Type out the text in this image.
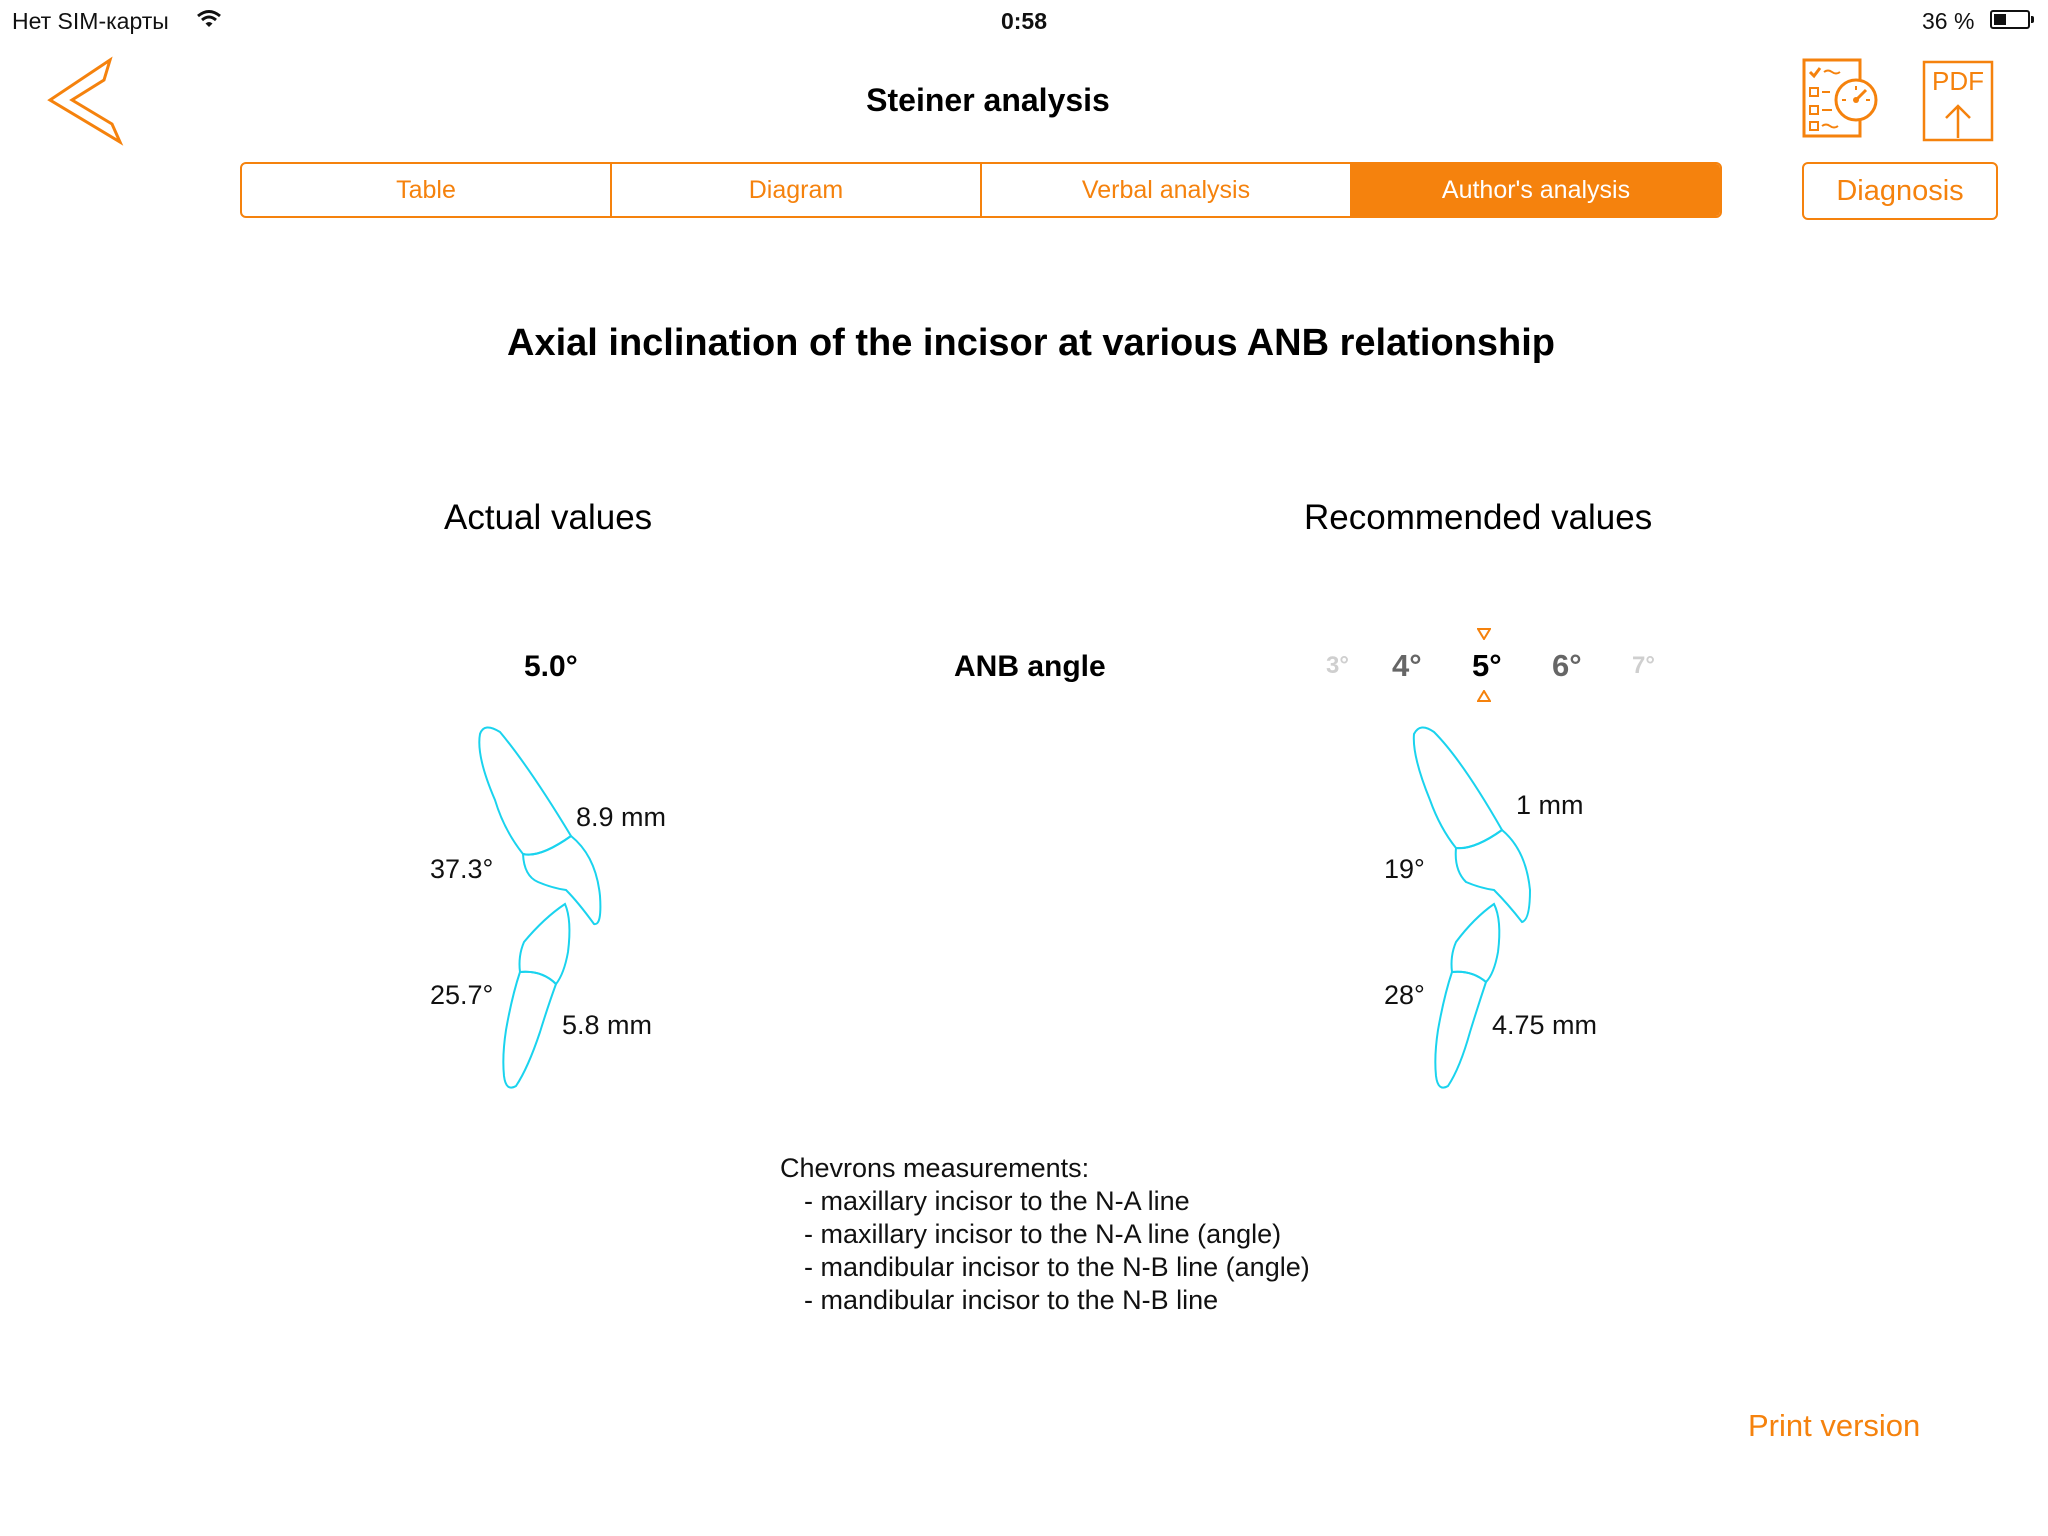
Нет SIM-карты	0:58	36 %
Steiner analysis
Table	Diagram	Verbal analysis	Author's analysis
PDF
Diagnosis
Axial inclination of the incisor at various ANB relationship
Actual values	Recommended values
5.0°	ANB angle	3° 4° 5° 6° 7°
8.9 mm
37.3°
25.7°
5.8 mm
1 mm
19°
28°
4.75 mm
Chevrons measurements:
- maxillary incisor to the N-A line
- maxillary incisor to the N-A line (angle)
- mandibular incisor to the N-B line (angle)
- mandibular incisor to the N-B line
Print version
